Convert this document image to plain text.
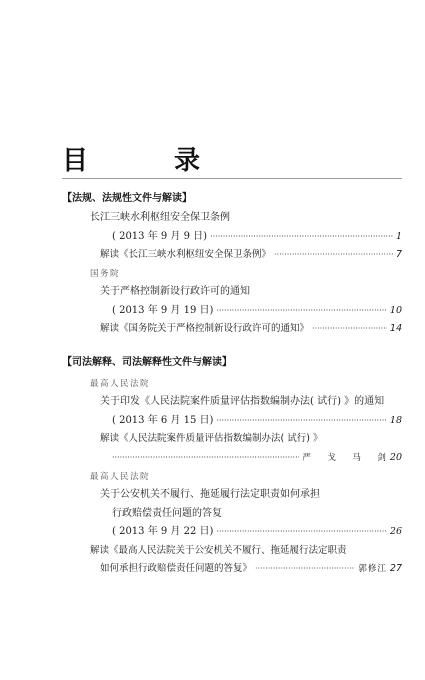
目　录
【法规、法规性文件与解读】
长江三峡水利枢纽安全保卫条例
( 2013 年 9 月 9 日) ·····	1
解读《长江三峡水利枢纽安全保卫条例》 ·····	7
国务院
关于严格控制新设行政许可的通知
( 2013 年 9 月 19 日) ·····	10
解读《国务院关于严格控制新设行政许可的通知》 ·····	14
【司法解释、司法解释性文件与解读】
最高人民法院
关于印发《人民法院案件质量评估指数编制办法( 试行) 》的通知
( 2013 年 6 月 15 日) ·····	18
解读《人民法院案件质量评估指数编制办法( 试行) 》
·····
严　戈　马　剑 20
最高人民法院
关于公安机关不履行、拖延履行法定职责如何承担
行政赔偿责任问题的答复
( 2013 年 9 月 22 日) ·····	26
解读《最高人民法院关于公安机关不履行、拖延履行法定职责
如何承担行政赔偿责任问题的答复》 ·····	郭修江 27
